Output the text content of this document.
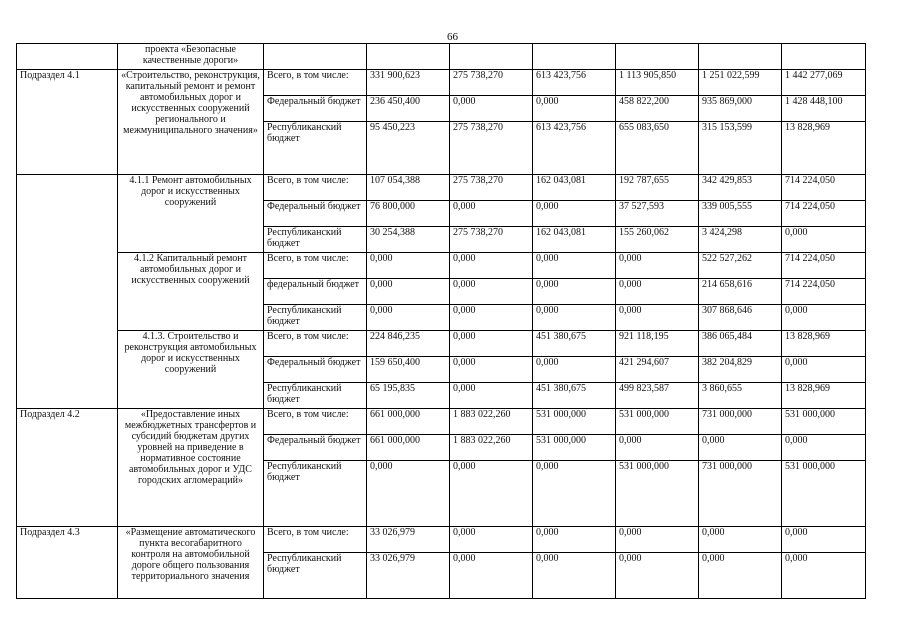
66
	проекта «Безопасные качественные дороги»							
Подраздел 4.1	«Строительство, реконструкция, капитальный ремонт и ремонт автомобильных дорог и искусственных сооружений регионального и межмуниципального значения»	Всего, в том числе:	331 900,623	275 738,270	613 423,756	1 113 905,850	1 251 022,599	1 442 277,069
		Федеральный бюджет	236 450,400	0,000	0,000	458 822,200	935 869,000	1 428 448,100
		Республиканский бюджет	95 450,223	275 738,270	613 423,756	655 083,650	315 153,599	13 828,969
	4.1.1 Ремонт автомобильных дорог и искусственных сооружений	Всего, в том числе:	107 054,388	275 738,270	162 043,081	192 787,655	342 429,853	714 224,050
		Федеральный бюджет	76 800,000	0,000	0,000	37 527,593	339 005,555	714 224,050
		Республиканский бюджет	30 254,388	275 738,270	162 043,081	155 260,062	3 424,298	0,000
	4.1.2 Капитальный ремонт автомобильных дорог и искусственных сооружений	Всего, в том числе:	0,000	0,000	0,000	0,000	522 527,262	714 224,050
		федеральный бюджет	0,000	0,000	0,000	0,000	214 658,616	714 224,050
		Республиканский бюджет	0,000	0,000	0,000	0,000	307 868,646	0,000
	4.1.3. Строительство и реконструкция автомобильных дорог и искусственных сооружений	Всего, в том числе:	224 846,235	0,000	451 380,675	921 118,195	386 065,484	13 828,969
		Федеральный бюджет	159 650,400	0,000	0,000	421 294,607	382 204,829	0,000
		Республиканский бюджет	65 195,835	0,000	451 380,675	499 823,587	3 860,655	13 828,969
Подраздел 4.2	«Предоставление иных межбюджетных трансфертов и субсидий бюджетам других уровней на приведение в нормативное состояние автомобильных дорог и УДС городских агломераций»	Всего, в том числе:	661 000,000	1 883 022,260	531 000,000	531 000,000	731 000,000	531 000,000
		Федеральный бюджет	661 000,000	1 883 022,260	531 000,000	0,000	0,000	0,000
		Республиканский бюджет	0,000	0,000	0,000	531 000,000	731 000,000	531 000,000
Подраздел 4.3	«Размещение автоматического пункта весогабаритного контроля на автомобильной дороге общего пользования территориального значения	Всего, в том числе:	33 026,979	0,000	0,000	0,000	0,000	0,000
		Республиканский бюджет	33 026,979	0,000	0,000	0,000	0,000	0,000
